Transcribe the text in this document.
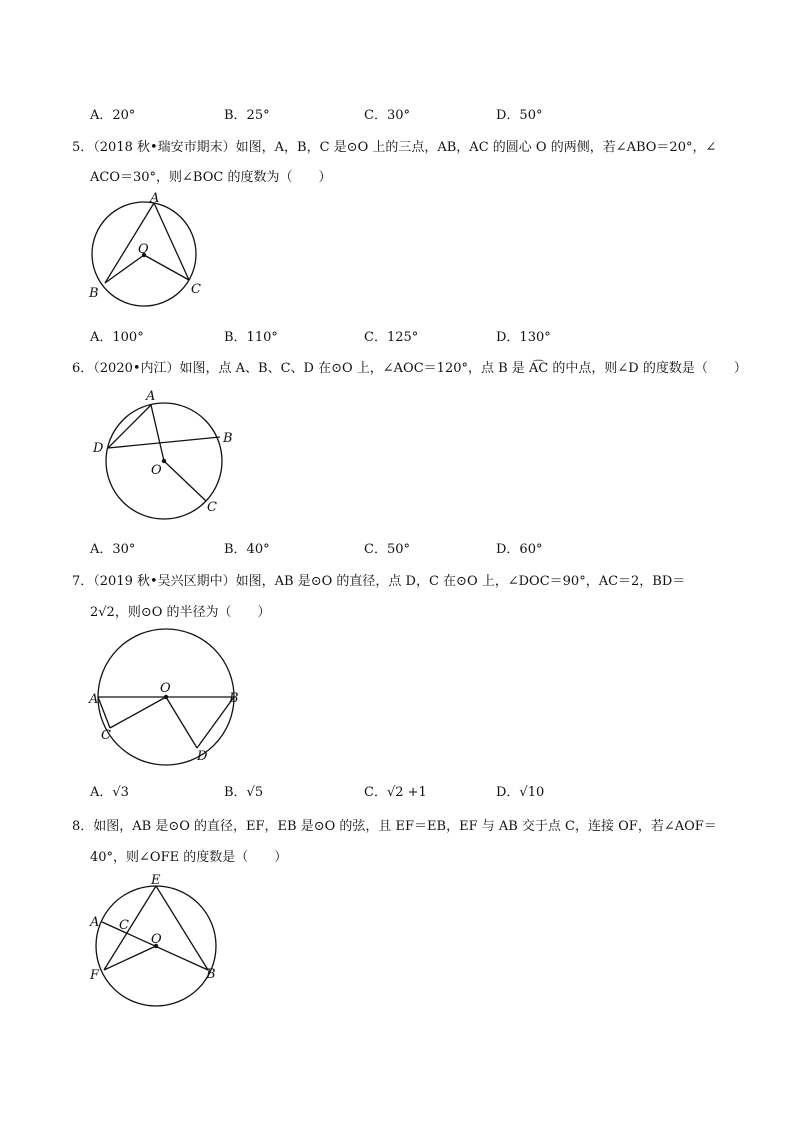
A．20°	B．25°	C．30°	D．50°
5．（2018 秋•瑞安市期末）如图，A，B，C 是⊙O 上的三点，AB，AC 的圆心 O 的两侧，若∠ABO＝20°，∠
ACO＝30°，则∠BOC 的度数为（　　）
A
O
B	C
A．100°	B．110°	C．125°	D．130°
6．（2020•内江）如图，点 A、B、C、D 在⊙O 上，∠AOC＝120°，点 B 是 A͡C 的中点，则∠D 的度数是（　　）
A
B
D
O
C
A．30°	B．40°	C．50°	D．60°
7．（2019 秋•吴兴区期中）如图，AB 是⊙O 的直径，点 D，C 在⊙O 上，∠DOC＝90°，AC＝2，BD＝
2√2，则⊙O 的半径为（　　）
A
O
B
C
D
A．√3	B．√5	C．√2 +1	D．√10
8．如图，AB 是⊙O 的直径，EF，EB 是⊙O 的弦，且 EF＝EB，EF 与 AB 交于点 C，连接 OF，若∠AOF＝
40°，则∠OFE 的度数是（　　）
E
A C
O
F	B
